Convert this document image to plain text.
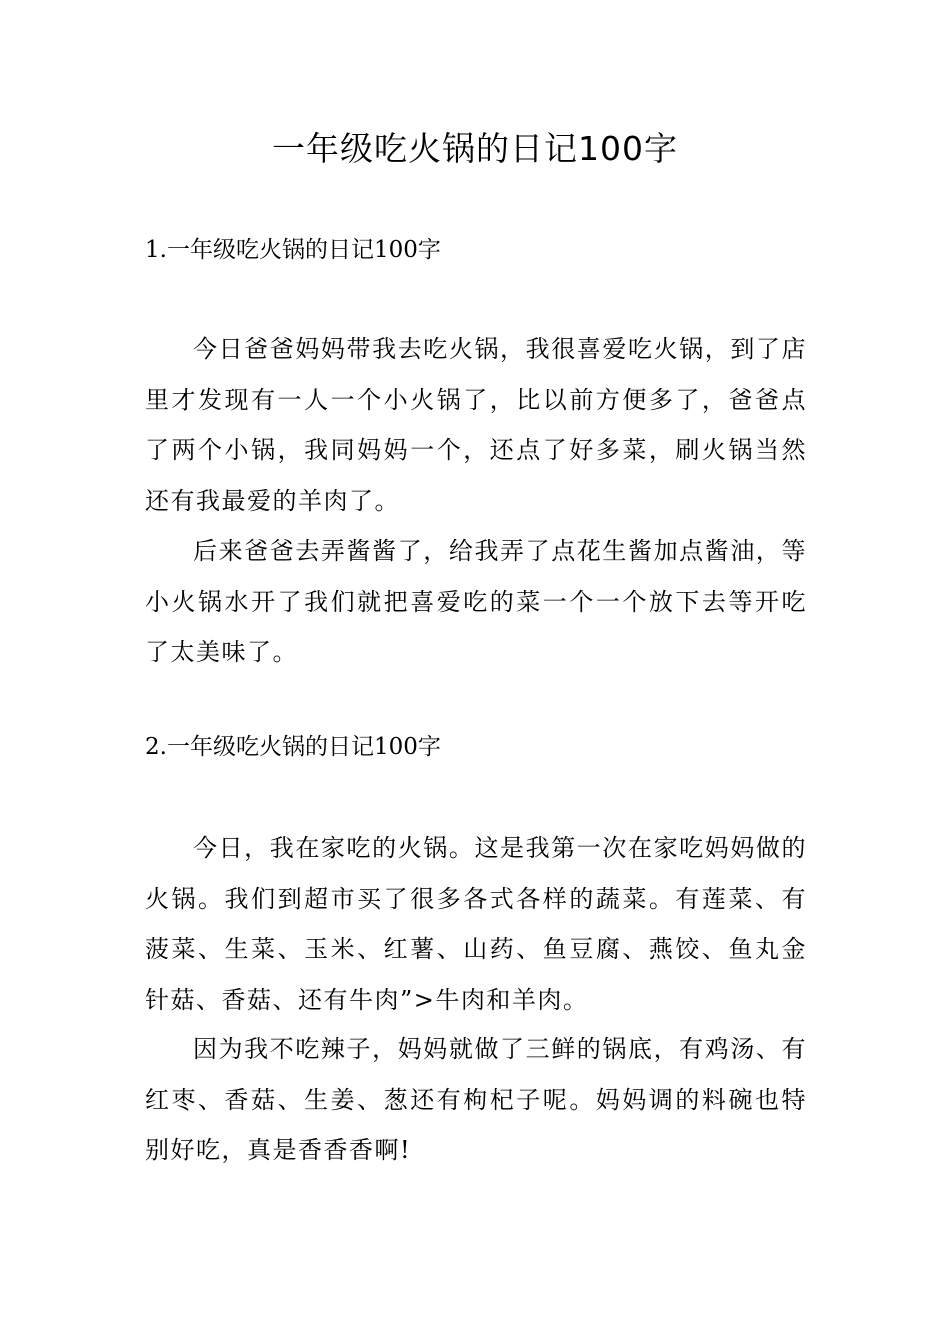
一年级吃火锅的日记100字
1.一年级吃火锅的日记100字

今日爸爸妈妈带我去吃火锅，我很喜爱吃火锅，到了店里才发现有一人一个小火锅了，比以前方便多了，爸爸点了两个小锅，我同妈妈一个，还点了好多菜，刷火锅当然还有我最爱的羊肉了。

后来爸爸去弄酱酱了，给我弄了点花生酱加点酱油，等小火锅水开了我们就把喜爱吃的菜一个一个放下去等开吃了太美味了。

2.一年级吃火锅的日记100字

今日，我在家吃的火锅。这是我第一次在家吃妈妈做的火锅。我们到超市买了很多各式各样的蔬菜。有莲菜、有菠菜、生菜、玉米、红薯、山药、鱼豆腐、燕饺、鱼丸金针菇、香菇、还有牛肉”>牛肉和羊肉。

因为我不吃辣子，妈妈就做了三鲜的锅底，有鸡汤、有红枣、香菇、生姜、葱还有枸杞子呢。妈妈调的料碗也特别好吃，真是香香香啊!
